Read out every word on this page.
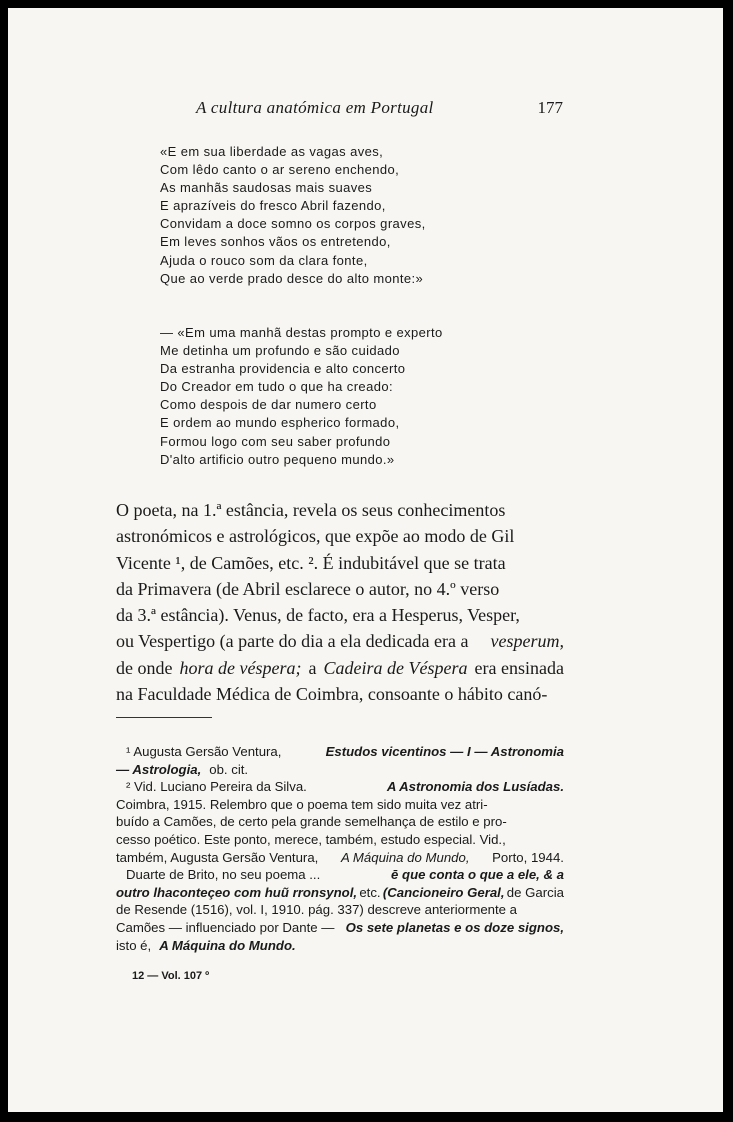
A cultura anatómica em Portugal	177
«E em sua liberdade as vagas aves,
Com lêdo canto o ar sereno enchendo,
As manhãs saudosas mais suaves
E aprazíveis do fresco Abril fazendo,
Convidam a doce somno os corpos graves,
Em leves sonhos vãos os entretendo,
Ajuda o rouco som da clara fonte,
Que ao verde prado desce do alto monte:»
— «Em uma manhã destas prompto e experto
Me detinha um profundo e são cuidado
Da estranha providencia e alto concerto
Do Creador em tudo o que ha creado:
Como despois de dar numero certo
E ordem ao mundo espherico formado,
Formou logo com seu saber profundo
D'alto artificio outro pequeno mundo.»
O poeta, na 1.ª estância, revela os seus conhecimentos
astronómicos e astrológicos, que expõe ao modo de Gil
Vicente ¹, de Camões, etc. ². É indubitável que se trata
da Primavera (de Abril esclarece o autor, no 4.º verso
da 3.ª estância). Venus, de facto, era a Hesperus, Vesper,
ou Vespertigo (a parte do dia a ela dedicada era a vesperum,
de onde hora de véspera; a Cadeira de Véspera era ensinada
na Faculdade Médica de Coimbra, consoante o hábito canó-
¹ Augusta Gersão Ventura,	Estudos vicentinos — I — Astronomia
— Astrologia, ob. cit.
² Vid. Luciano Pereira da Silva.	A Astronomia dos Lusíadas.
Coimbra, 1915. Relembro que o poema tem sido muita vez atri-
buído a Camões, de certo pela grande semelhança de estilo e pro-
cesso poético. Este ponto, merece, também, estudo especial. Vid.,
também, Augusta Gersão Ventura, A Máquina do Mundo, Porto, 1944.
Duarte de Brito, no seu poema ...	ē que conta o que a ele, & a
outro lhaconteçeo com huũ rronsynol, etc. (Cancioneiro Geral, de Garcia
de Resende (1516), vol. I, 1910. pág. 337) descreve anteriormente a
Camões — influenciado por Dante — Os sete planetas e os doze signos,
isto é, A Máquina do Mundo.
12 — Vol. 107 º
